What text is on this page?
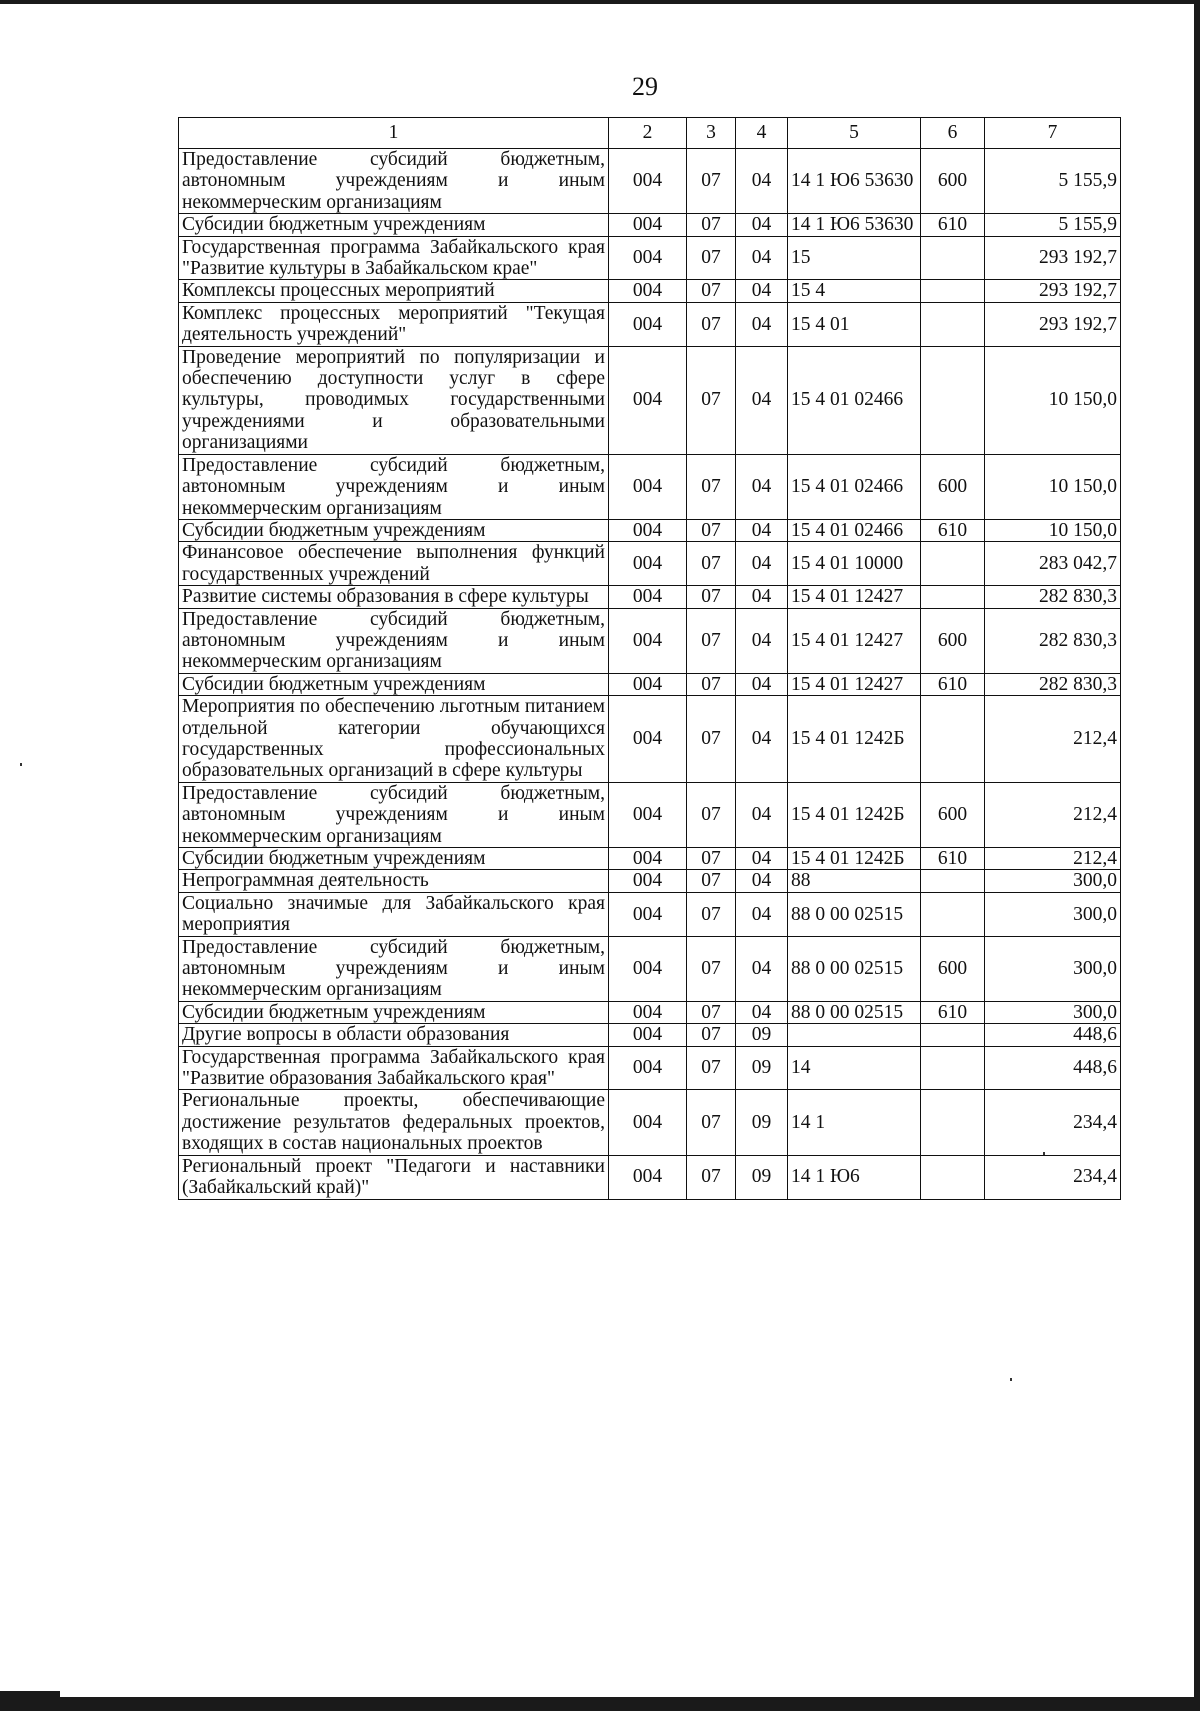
29
1	2	3	4	5	6	7
Предоставление субсидий бюджетным, автономным учреждениям и иным некоммерческим организациям	004	07	04	14 1 Ю6 53630	600	5 155,9
Субсидии бюджетным учреждениям	004	07	04	14 1 Ю6 53630	610	5 155,9
Государственная программа Забайкальского края "Развитие культуры в Забайкальском крае"	004	07	04	15		293 192,7
Комплексы процессных мероприятий	004	07	04	15 4		293 192,7
Комплекс процессных мероприятий "Текущая деятельность учреждений"	004	07	04	15 4 01		293 192,7
Проведение мероприятий по популяризации и обеспечению доступности услуг в сфере культуры, проводимых государственными учреждениями и образовательными организациями	004	07	04	15 4 01 02466		10 150,0
Предоставление субсидий бюджетным, автономным учреждениям и иным некоммерческим организациям	004	07	04	15 4 01 02466	600	10 150,0
Субсидии бюджетным учреждениям	004	07	04	15 4 01 02466	610	10 150,0
Финансовое обеспечение выполнения функций государственных учреждений	004	07	04	15 4 01 10000		283 042,7
Развитие системы образования в сфере культуры	004	07	04	15 4 01 12427		282 830,3
Предоставление субсидий бюджетным, автономным учреждениям и иным некоммерческим организациям	004	07	04	15 4 01 12427	600	282 830,3
Субсидии бюджетным учреждениям	004	07	04	15 4 01 12427	610	282 830,3
Мероприятия по обеспечению льготным питанием отдельной категории обучающихся государственных профессиональных образовательных организаций в сфере культуры	004	07	04	15 4 01 1242Б		212,4
Предоставление субсидий бюджетным, автономным учреждениям и иным некоммерческим организациям	004	07	04	15 4 01 1242Б	600	212,4
Субсидии бюджетным учреждениям	004	07	04	15 4 01 1242Б	610	212,4
Непрограммная деятельность	004	07	04	88		300,0
Социально значимые для Забайкальского края мероприятия	004	07	04	88 0 00 02515		300,0
Предоставление субсидий бюджетным, автономным учреждениям и иным некоммерческим организациям	004	07	04	88 0 00 02515	600	300,0
Субсидии бюджетным учреждениям	004	07	04	88 0 00 02515	610	300,0
Другие вопросы в области образования	004	07	09			448,6
Государственная программа Забайкальского края "Развитие образования Забайкальского края"	004	07	09	14		448,6
Региональные проекты, обеспечивающие достижение результатов федеральных проектов, входящих в состав национальных проектов	004	07	09	14 1		234,4
Региональный проект "Педагоги и наставники (Забайкальский край)"	004	07	09	14 1 Ю6		234,4
